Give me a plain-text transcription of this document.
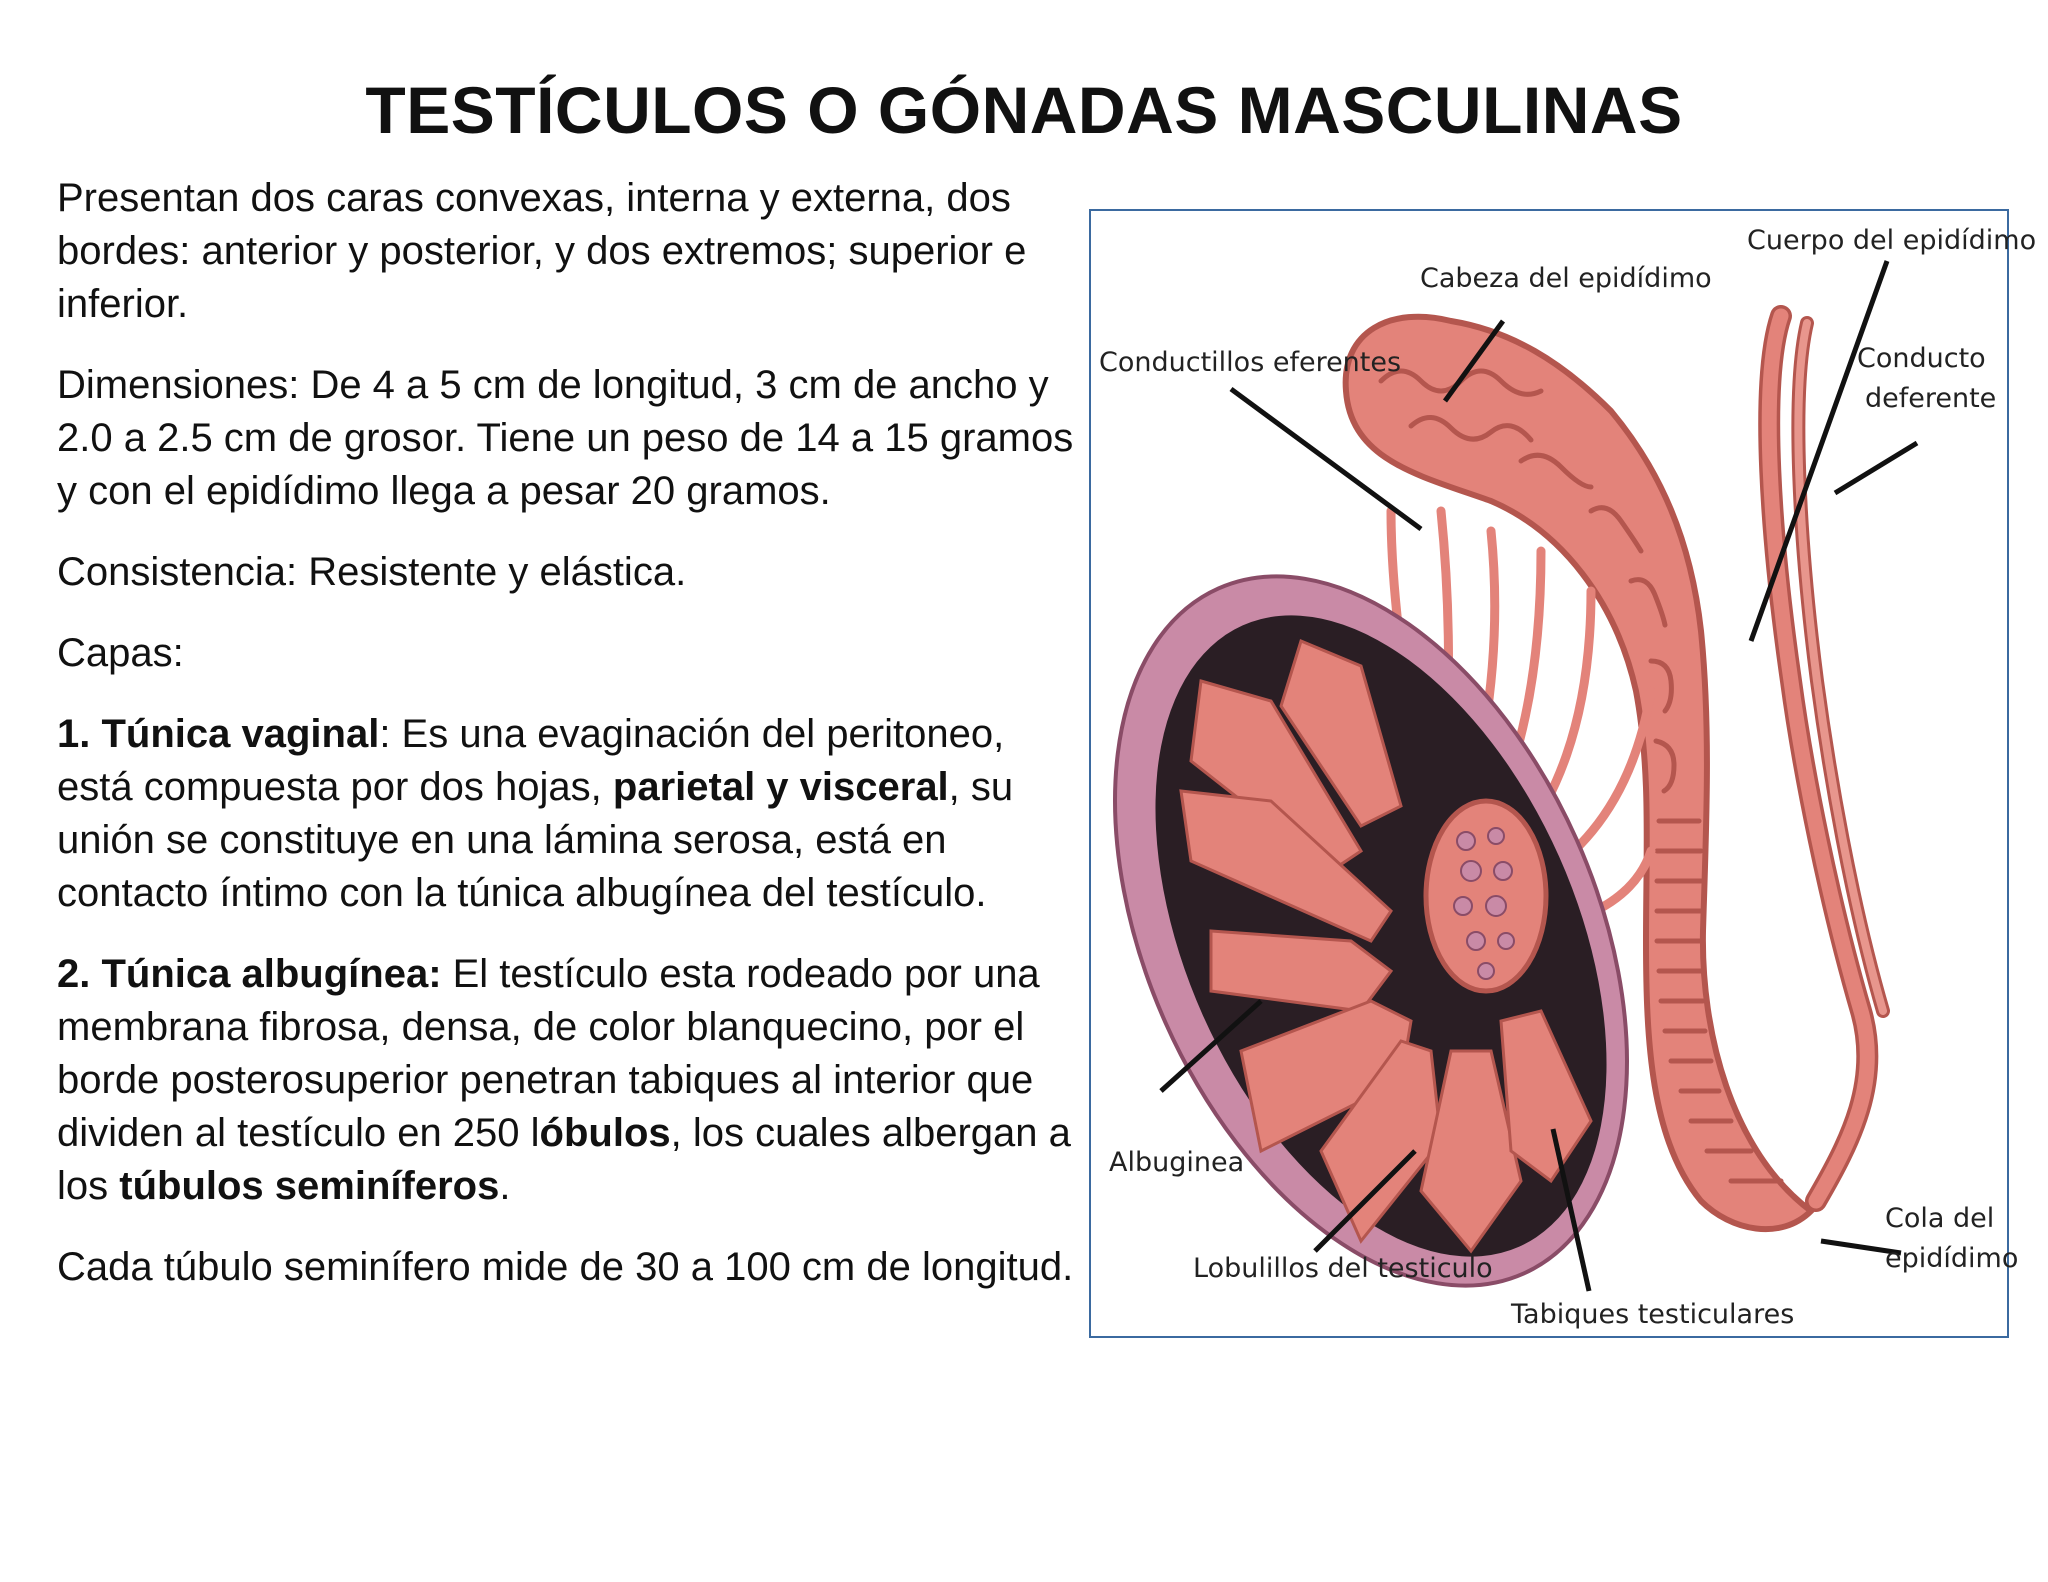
TESTÍCULOS O GÓNADAS MASCULINAS

Presentan dos caras convexas, interna y externa, dos bordes: anterior y posterior, y dos extremos; superior e inferior.

Dimensiones: De 4 a 5 cm de longitud, 3 cm de ancho y 2.0 a 2.5 cm de grosor. Tiene un peso de 14 a 15 gramos y con el epidídimo llega a pesar 20 gramos.

Consistencia: Resistente y elástica.

Capas:

1. Túnica vaginal: Es una evaginación del peritoneo, está compuesta por dos hojas, parietal y visceral, su unión se constituye en una lámina serosa, está en contacto íntimo con la túnica albugínea del testículo.

2. Túnica albugínea: El testículo esta rodeado por una membrana fibrosa, densa, de color blanquecino, por el borde posterosuperior penetran tabiques al interior que dividen al testículo en 250 lóbulos, los cuales albergan a los túbulos seminíferos.

Cada túbulo seminífero mide de 30 a 100 cm de longitud.

Cuerpo del epidídimo
Cabeza del epidídimo
Conductillos eferentes	Conducto
deferente
Albuginea
Cola del
epidídimo
Lobulillos del testiculo
Tabiques testiculares
